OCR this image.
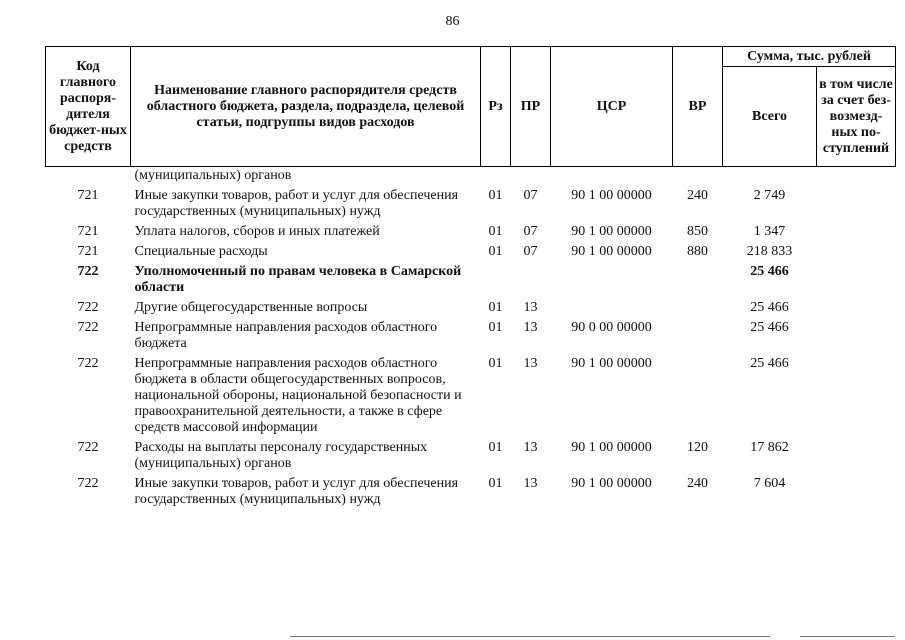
86
Код главного распоря-дителя бюджет-ных средств	Наименование главного распорядителя средств областного бюджета, раздела, подраздела, целевой статьи, подгруппы видов расходов	Рз	ПР	ЦСР	ВР	Сумма, тыс. рублей	
						Всего	в том числе за счет без-возмезд-ных по-ступлений
	(муниципальных) органов						
721	Иные закупки товаров, работ и услуг для обеспечения государственных (муниципальных) нужд	01	07	90 1 00 00000	240	2 749	
721	Уплата налогов, сборов и иных платежей	01	07	90 1 00 00000	850	1 347	
721	Специальные расходы	01	07	90 1 00 00000	880	218 833	
722	Уполномоченный по правам человека в Самарской области					25 466	
722	Другие общегосударственные вопросы	01	13			25 466	
722	Непрограммные направления расходов областного бюджета	01	13	90 0 00 00000		25 466	
722	Непрограммные направления расходов областного бюджета в области общегосударственных вопросов, национальной обороны, национальной безопасности и правоохранительной деятельности, а также в сфере средств массовой информации	01	13	90 1 00 00000		25 466	
722	Расходы на выплаты персоналу государственных (муниципальных) органов	01	13	90 1 00 00000	120	17 862	
722	Иные закупки товаров, работ и услуг для обеспечения государственных (муниципальных) нужд	01	13	90 1 00 00000	240	7 604	
